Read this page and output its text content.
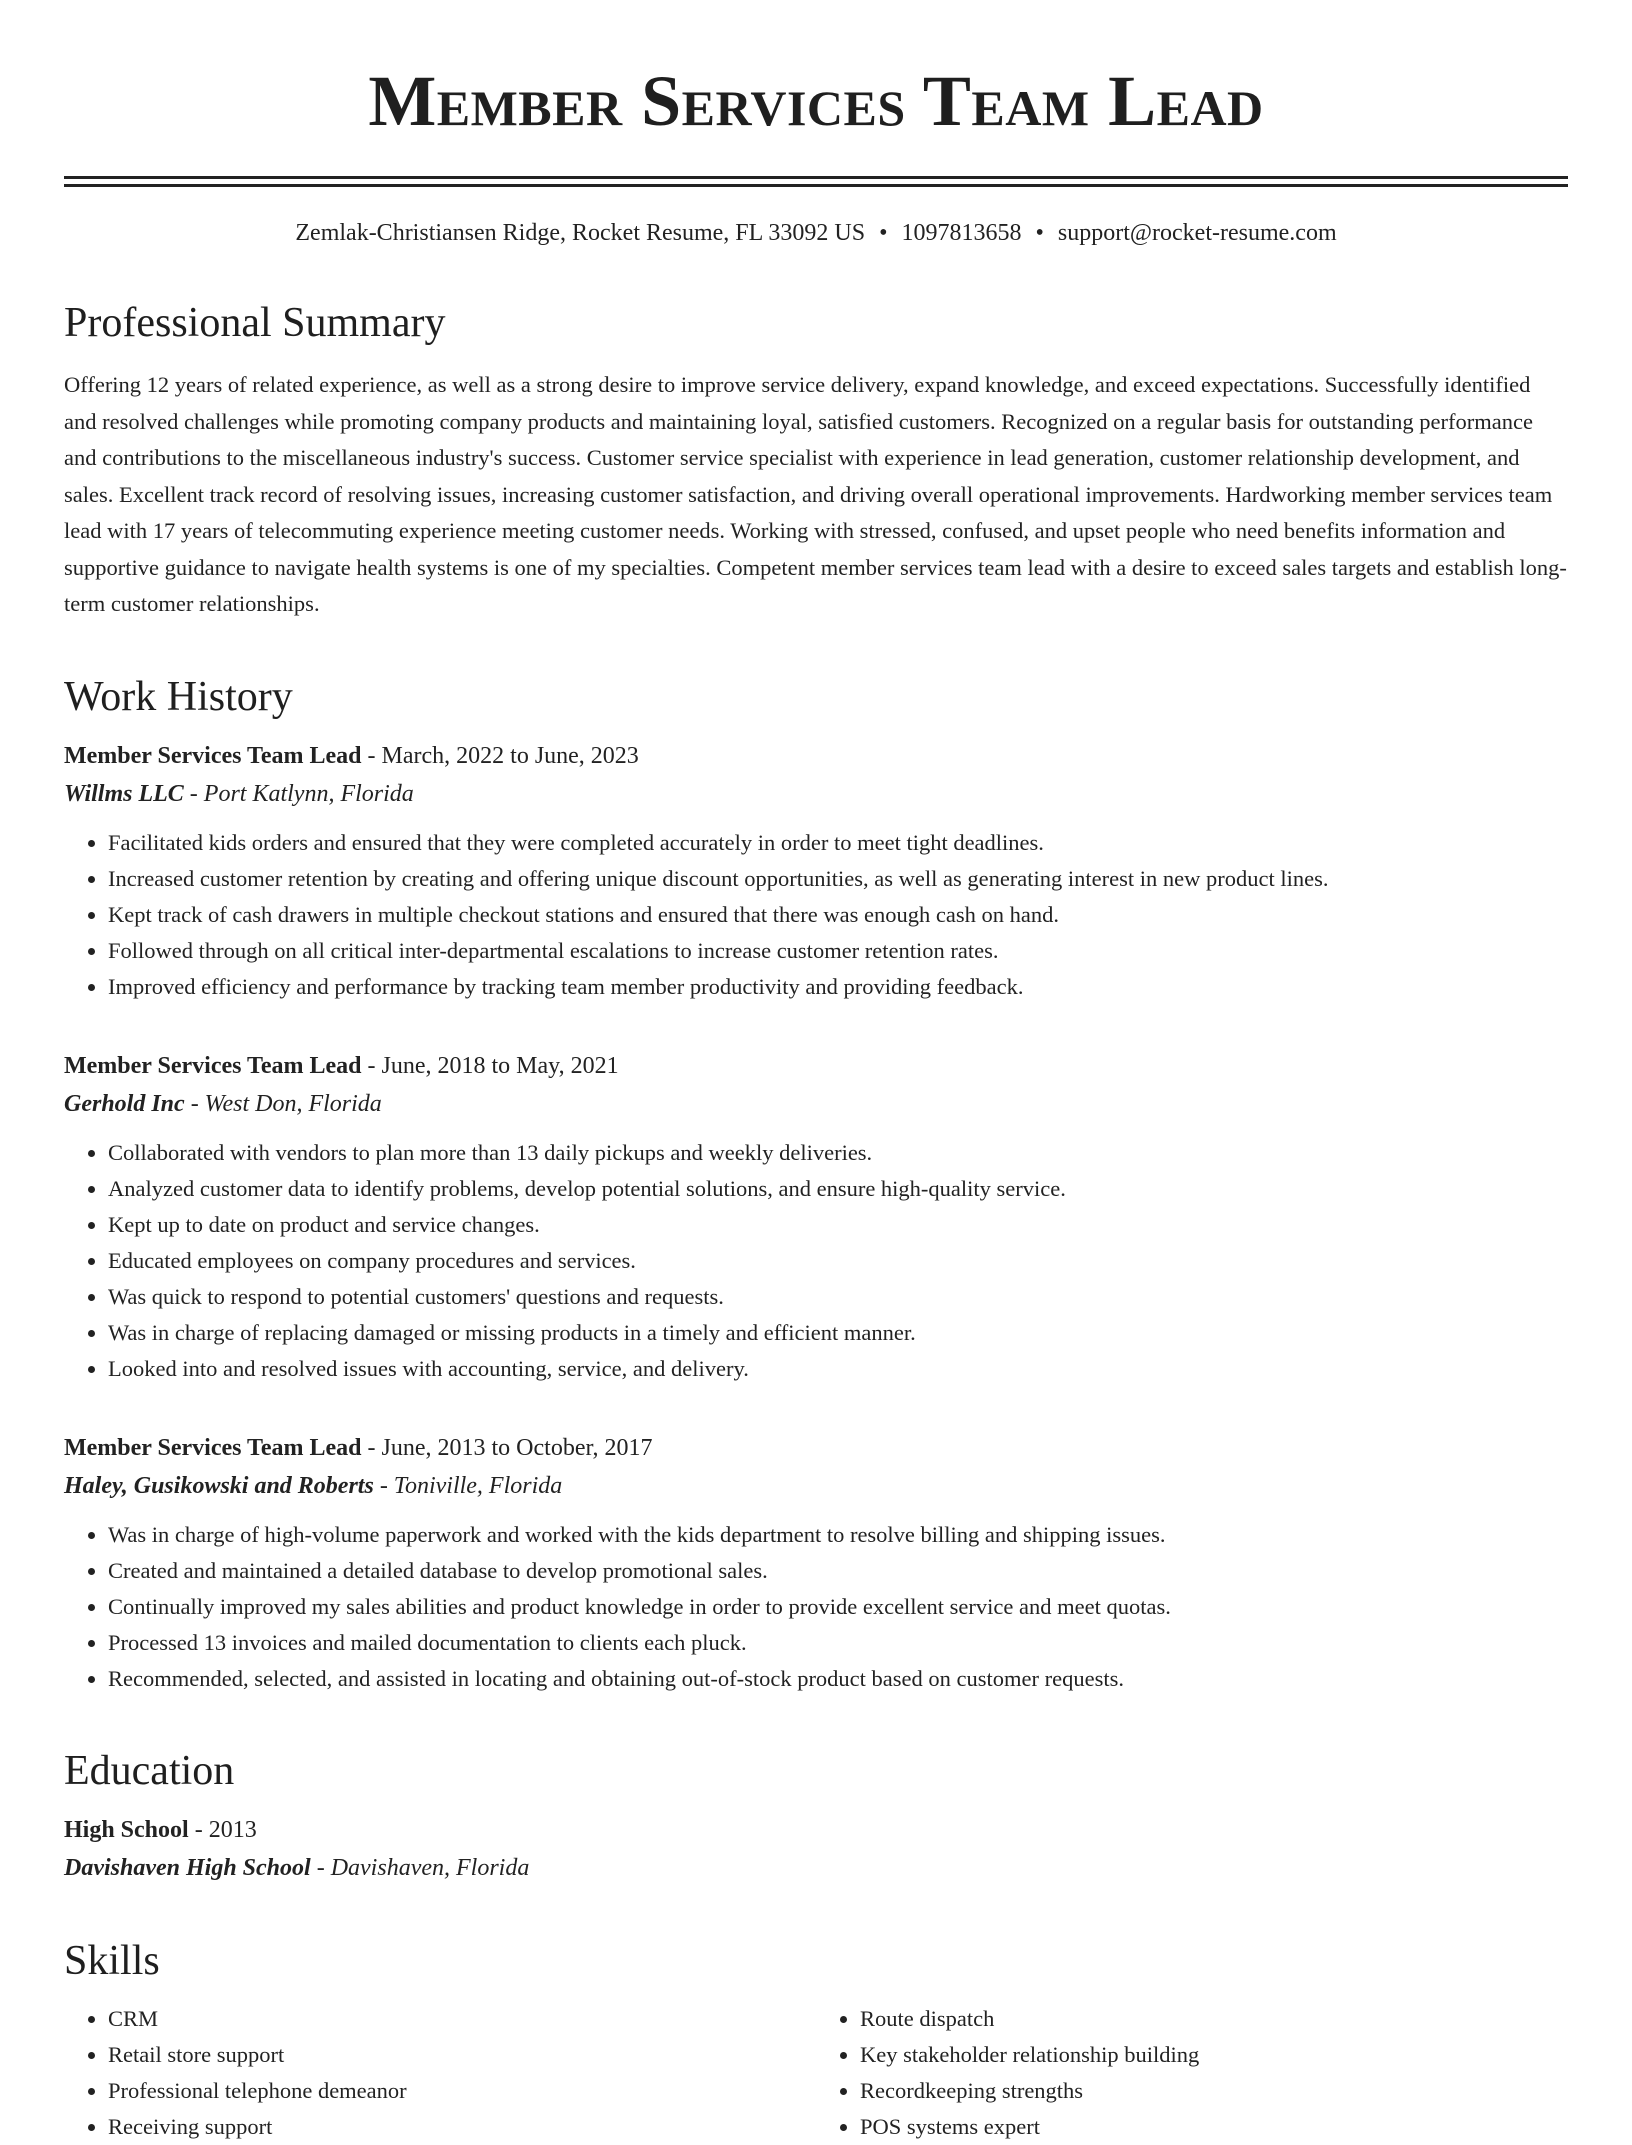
Member Services Team Lead
Zemlak-Christiansen Ridge, Rocket Resume, FL 33092 US • 1097813658 • support@rocket-resume.com
Professional Summary
Offering 12 years of related experience, as well as a strong desire to improve service delivery, expand knowledge, and exceed expectations. Successfully identified and resolved challenges while promoting company products and maintaining loyal, satisfied customers. Recognized on a regular basis for outstanding performance and contributions to the miscellaneous industry's success. Customer service specialist with experience in lead generation, customer relationship development, and sales. Excellent track record of resolving issues, increasing customer satisfaction, and driving overall operational improvements. Hardworking member services team lead with 17 years of telecommuting experience meeting customer needs. Working with stressed, confused, and upset people who need benefits information and supportive guidance to navigate health systems is one of my specialties. Competent member services team lead with a desire to exceed sales targets and establish long-term customer relationships.
Work History
Member Services Team Lead - March, 2022 to June, 2023
Willms LLC - Port Katlynn, Florida
• Facilitated kids orders and ensured that they were completed accurately in order to meet tight deadlines.
• Increased customer retention by creating and offering unique discount opportunities, as well as generating interest in new product lines.
• Kept track of cash drawers in multiple checkout stations and ensured that there was enough cash on hand.
• Followed through on all critical inter-departmental escalations to increase customer retention rates.
• Improved efficiency and performance by tracking team member productivity and providing feedback.
Member Services Team Lead - June, 2018 to May, 2021
Gerhold Inc - West Don, Florida
• Collaborated with vendors to plan more than 13 daily pickups and weekly deliveries.
• Analyzed customer data to identify problems, develop potential solutions, and ensure high-quality service.
• Kept up to date on product and service changes.
• Educated employees on company procedures and services.
• Was quick to respond to potential customers' questions and requests.
• Was in charge of replacing damaged or missing products in a timely and efficient manner.
• Looked into and resolved issues with accounting, service, and delivery.
Member Services Team Lead - June, 2013 to October, 2017
Haley, Gusikowski and Roberts - Toniville, Florida
• Was in charge of high-volume paperwork and worked with the kids department to resolve billing and shipping issues.
• Created and maintained a detailed database to develop promotional sales.
• Continually improved my sales abilities and product knowledge in order to provide excellent service and meet quotas.
• Processed 13 invoices and mailed documentation to clients each pluck.
• Recommended, selected, and assisted in locating and obtaining out-of-stock product based on customer requests.
Education
High School - 2013
Davishaven High School - Davishaven, Florida
Skills
• CRM
• Retail store support
• Professional telephone demeanor
• Receiving support
• Route dispatch
• Key stakeholder relationship building
• Recordkeeping strengths
• POS systems expert
